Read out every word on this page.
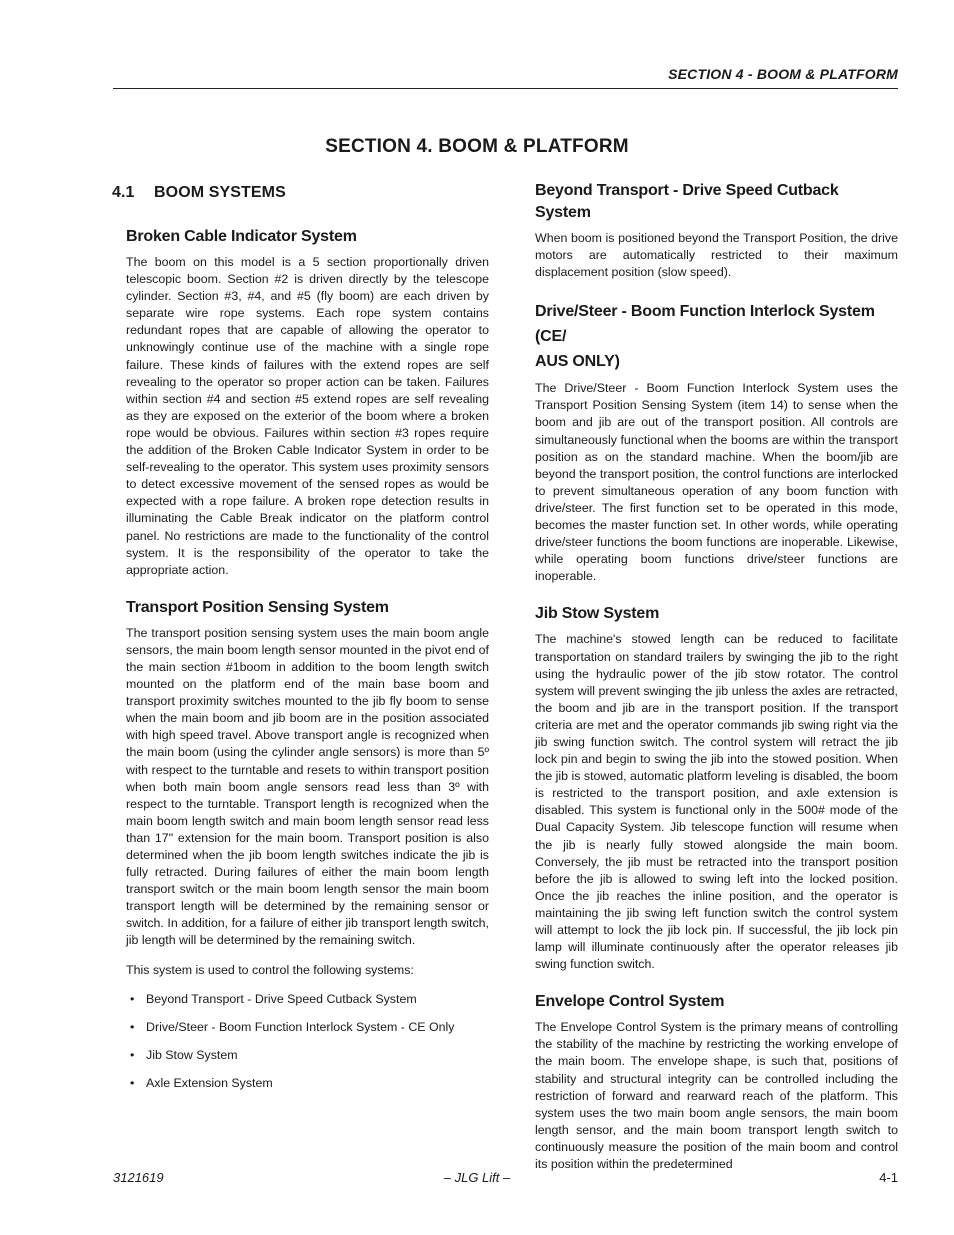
SECTION 4 - BOOM & PLATFORM
SECTION 4. BOOM & PLATFORM
4.1 BOOM SYSTEMS
Broken Cable Indicator System

The boom on this model is a 5 section proportionally driven telescopic boom. Section #2 is driven directly by the telescope cylinder. Section #3, #4, and #5 (fly boom) are each driven by separate wire rope systems. Each rope system contains redundant ropes that are capable of allowing the operator to unknowingly continue use of the machine with a single rope failure. These kinds of failures with the extend ropes are self revealing to the operator so proper action can be taken. Failures within section #4 and section #5 extend ropes are self revealing as they are exposed on the exterior of the boom where a broken rope would be obvious. Failures within section #3 ropes require the addition of the Broken Cable Indicator System in order to be self-revealing to the operator. This system uses proximity sensors to detect excessive movement of the sensed ropes as would be expected with a rope failure. A broken rope detection results in illuminating the Cable Break indicator on the platform control panel. No restrictions are made to the functionality of the control system. It is the responsibility of the operator to take the appropriate action.

Transport Position Sensing System

The transport position sensing system uses the main boom angle sensors, the main boom length sensor mounted in the pivot end of the main section #1boom in addition to the boom length switch mounted on the platform end of the main base boom and transport proximity switches mounted to the jib fly boom to sense when the main boom and jib boom are in the position associated with high speed travel. Above transport angle is recognized when the main boom (using the cylinder angle sensors) is more than 5º with respect to the turntable and resets to within transport position when both main boom angle sensors read less than 3º with respect to the turntable. Transport length is recognized when the main boom length switch and main boom length sensor read less than 17" extension for the main boom. Transport position is also determined when the jib boom length switches indicate the jib is fully retracted. During failures of either the main boom length transport switch or the main boom length sensor the main boom transport length will be determined by the remaining sensor or switch. In addition, for a failure of either jib transport length switch, jib length will be determined by the remaining switch.

This system is used to control the following systems:

• Beyond Transport - Drive Speed Cutback System
• Drive/Steer - Boom Function Interlock System - CE Only
• Jib Stow System
• Axle Extension System
Beyond Transport - Drive Speed Cutback System

When boom is positioned beyond the Transport Position, the drive motors are automatically restricted to their maximum displacement position (slow speed).

Drive/Steer - Boom Function Interlock System (CE/
AUS ONLY)

The Drive/Steer - Boom Function Interlock System uses the Transport Position Sensing System (item 14) to sense when the boom and jib are out of the transport position. All controls are simultaneously functional when the booms are within the transport position as on the standard machine. When the boom/jib are beyond the transport position, the control functions are interlocked to prevent simultaneous operation of any boom function with drive/steer. The first function set to be operated in this mode, becomes the master function set. In other words, while operating drive/steer functions the boom functions are inoperable. Likewise, while operating boom functions drive/steer functions are inoperable.

Jib Stow System

The machine's stowed length can be reduced to facilitate transportation on standard trailers by swinging the jib to the right using the hydraulic power of the jib stow rotator. The control system will prevent swinging the jib unless the axles are retracted, the boom and jib are in the transport position. If the transport criteria are met and the operator commands jib swing right via the jib swing function switch. The control system will retract the jib lock pin and begin to swing the jib into the stowed position. When the jib is stowed, automatic platform leveling is disabled, the boom is restricted to the transport position, and axle extension is disabled. This system is functional only in the 500# mode of the Dual Capacity System. Jib telescope function will resume when the jib is nearly fully stowed alongside the main boom. Conversely, the jib must be retracted into the transport position before the jib is allowed to swing left into the locked position. Once the jib reaches the inline position, and the operator is maintaining the jib swing left function switch the control system will attempt to lock the jib lock pin. If successful, the jib lock pin lamp will illuminate continuously after the operator releases jib swing function switch.

Envelope Control System

The Envelope Control System is the primary means of controlling the stability of the machine by restricting the working envelope of the main boom. The envelope shape, is such that, positions of stability and structural integrity can be controlled including the restriction of forward and rearward reach of the platform. This system uses the two main boom angle sensors, the main boom length sensor, and the main boom transport length switch to continuously measure the position of the main boom and control its position within the predetermined

3121619	– JLG Lift –	4-1
